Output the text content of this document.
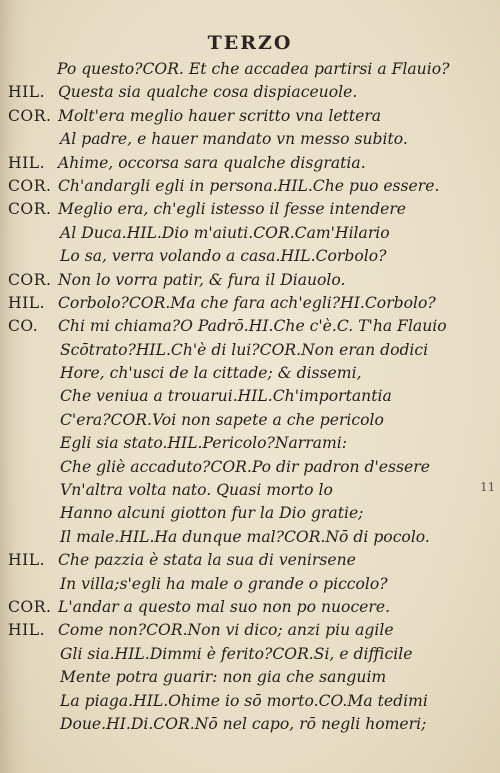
TERZO
Po questo?COR. Et che accadea partirsi a Flauio?
HIL. Questa sia qualche cosa dispiaceuole.
COR. Molt'era meglio hauer scritto vna lettera
Al padre, e hauer mandato vn messo subito.
HIL. Ahime, occorsa sara qualche disgratia.
COR. Ch'andargli egli in persona.HIL.Che puo essere.
COR. Meglio era, ch'egli istesso il fesse intendere
Al Duca.HIL.Dio m'aiuti.COR.Cam'Hilario
Lo sa, verra volando a casa.HIL.Corbolo?
COR. Non lo vorra patir, & fura il Diauolo.
HIL. Corbolo?COR.Ma che fara ach'egli?HI.Corbolo?
CO. Chi mi chiama?O Padrō.HI.Che c'è.C. T'ha Flauio
Scōtrato?HIL.Ch'è di lui?COR.Non eran dodici
Hore, ch'usci de la cittade; & dissemi,
Che veniua a trouarui.HIL.Ch'importantia
C'era?COR.Voi non sapete a che pericolo
Egli sia stato.HIL.Pericolo?Narrami:
Che gliè accaduto?COR.Po dir padron d'essere
Vn'altra volta nato. Quasi morto lo
Hanno alcuni giotton fur la Dio gratie;
Il male.HIL.Ha dunque mal?COR.Nō di pocolo.
HIL. Che pazzia è stata la sua di venirsene
In villa;s'egli ha male o grande o piccolo?
COR. L'andar a questo mal suo non po nuocere.
HIL. Come non?COR.Non vi dico; anzi piu agile
Gli sia.HIL.Dimmi è ferito?COR.Si, e difficile
Mente potra guarir: non gia che sanguim
La piaga.HIL.Ohime io sō morto.CO.Ma tedimi
Doue.HI.Di.COR.Nō nel capo, rō negli homeri;
11
